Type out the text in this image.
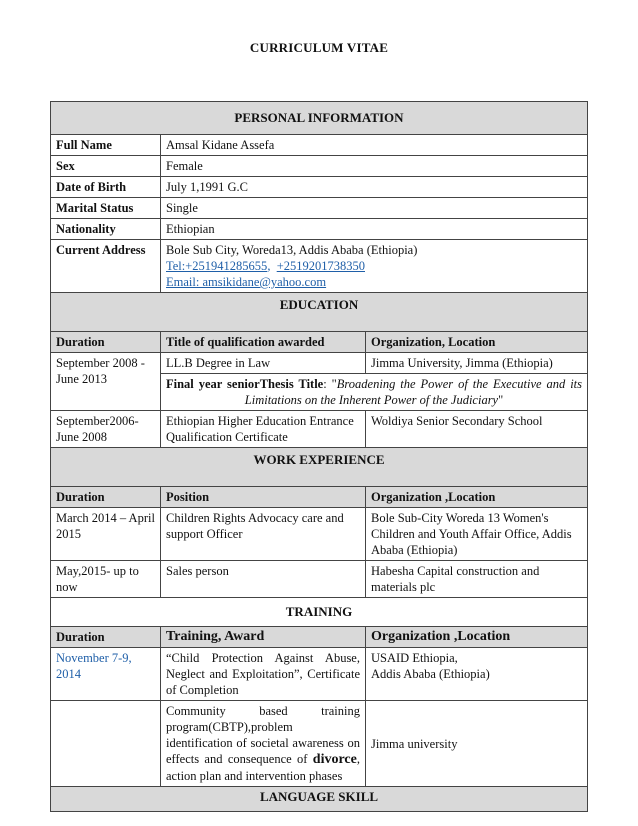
CURRICULUM VITAE
PERSONAL INFORMATION		
Full Name	Amsal Kidane Assefa	
Sex	Female	
Date of Birth	July 1,1991 G.C	
Marital Status	Single	
Nationality	Ethiopian	
Current Address	Bole Sub City, Woreda13, Addis Ababa (Ethiopia)
Tel:+251941285655, +2519201738350
Email: amsikidane@yahoo.com	

EDUCATION		
Duration	Title of qualification awarded	Organization, Location
September 2008 - June 2013	LL.B Degree in Law	Jimma University, Jimma (Ethiopia)
	Final year seniorThesis Title: "Broadening the Power of the Executive and its Limitations on the Inherent Power of the Judiciary"	
September2006- June 2008	Ethiopian Higher Education Entrance Qualification Certificate	Woldiya Senior Secondary School
WORK EXPERIENCE		
Duration	Position	Organization ,Location
March 2014 – April 2015	Children Rights Advocacy care and support Officer	Bole Sub-City Woreda 13 Women's Children and Youth Affair Office, Addis Ababa (Ethiopia)
May,2015- up to now	Sales person	Habesha Capital construction and materials plc
TRAINING		
Duration	Training, Award	Organization ,Location
November 7-9, 2014	“Child Protection Against Abuse, Neglect and Exploitation”, Certificate of Completion	USAID Ethiopia,
Addis Ababa (Ethiopia)

	Community based training program(CBTP),problem identification of societal awareness on effects and consequence of divorce, action plan and intervention phases	Jimma university
LANGUAGE SKILL		
